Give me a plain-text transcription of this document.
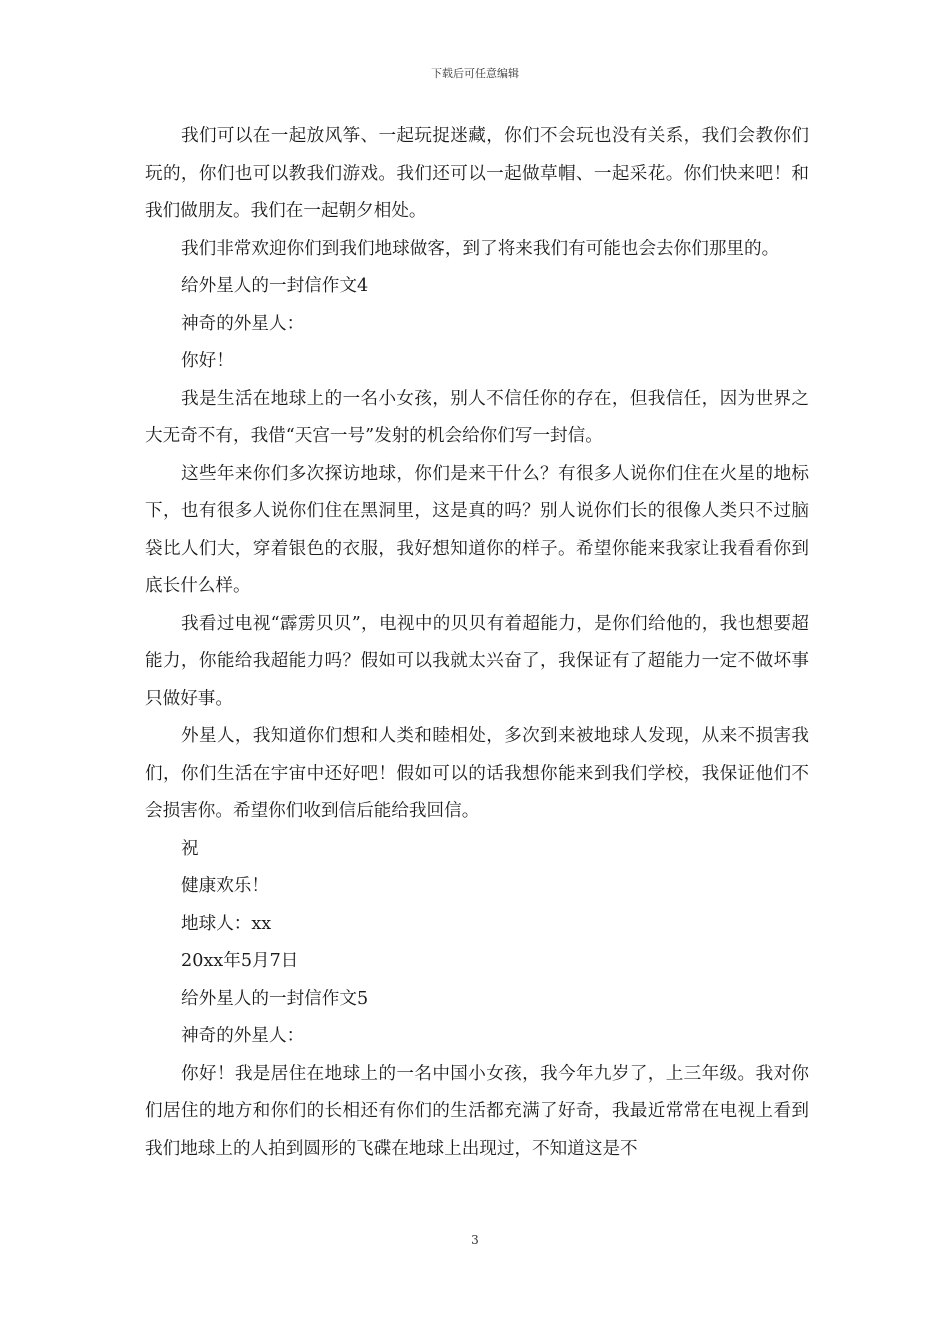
下载后可任意编辑

我们可以在一起放风筝、一起玩捉迷藏，你们不会玩也没有关系，我们会教你们玩的，你们也可以教我们游戏。我们还可以一起做草帽、一起采花。你们快来吧！和我们做朋友。我们在一起朝夕相处。

我们非常欢迎你们到我们地球做客，到了将来我们有可能也会去你们那里的。

给外星人的一封信作文4

神奇的外星人：

你好！

我是生活在地球上的一名小女孩，别人不信任你的存在，但我信任，因为世界之大无奇不有，我借“天宫一号”发射的机会给你们写一封信。

这些年来你们多次探访地球，你们是来干什么？有很多人说你们住在火星的地标下，也有很多人说你们住在黑洞里，这是真的吗？别人说你们长的很像人类只不过脑袋比人们大，穿着银色的衣服，我好想知道你的样子。希望你能来我家让我看看你到底长什么样。

我看过电视“霹雳贝贝”，电视中的贝贝有着超能力，是你们给他的，我也想要超能力，你能给我超能力吗？假如可以我就太兴奋了，我保证有了超能力一定不做坏事只做好事。

外星人，我知道你们想和人类和睦相处，多次到来被地球人发现，从来不损害我们，你们生活在宇宙中还好吧！假如可以的话我想你能来到我们学校，我保证他们不会损害你。希望你们收到信后能给我回信。

祝

健康欢乐！

地球人：xx

20xx年5月7日

给外星人的一封信作文5

神奇的外星人：

你好！我是居住在地球上的一名中国小女孩，我今年九岁了，上三年级。我对你们居住的地方和你们的长相还有你们的生活都充满了好奇，我最近常常在电视上看到我们地球上的人拍到圆形的飞碟在地球上出现过，不知道这是不

3
